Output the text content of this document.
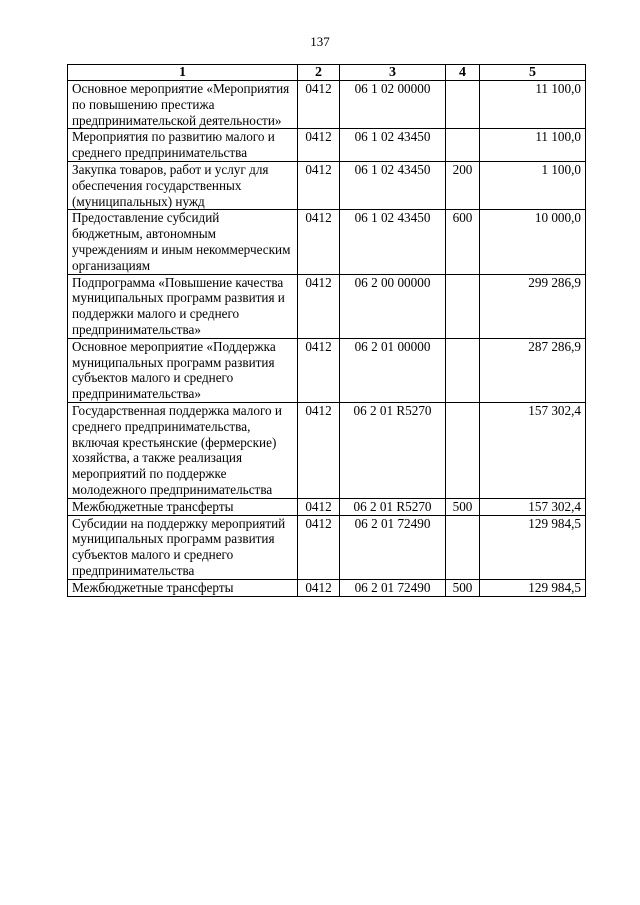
137
1	2	3	4	5
Основное мероприятие «Мероприятия по повышению престижа предпринимательской деятельности»	0412	06 1 02 00000		11 100,0
Мероприятия по развитию малого и среднего предпринимательства	0412	06 1 02 43450		11 100,0
Закупка товаров, работ и услуг для обеспечения государственных (муниципальных) нужд	0412	06 1 02 43450	200	1 100,0
Предоставление субсидий бюджетным, автономным учреждениям и иным некоммерческим организациям	0412	06 1 02 43450	600	10 000,0
Подпрограмма «Повышение качества муниципальных программ развития и поддержки малого и среднего предпринимательства»	0412	06 2 00 00000		299 286,9
Основное мероприятие «Поддержка муниципальных программ развития субъектов малого и среднего предпринимательства»	0412	06 2 01 00000		287 286,9
Государственная поддержка малого и среднего предпринимательства, включая крестьянские (фермерские) хозяйства, а также реализация мероприятий по поддержке молодежного предпринимательства	0412	06 2 01 R5270		157 302,4
Межбюджетные трансферты	0412	06 2 01 R5270	500	157 302,4
Субсидии на поддержку мероприятий муниципальных программ развития субъектов малого и среднего предпринимательства	0412	06 2 01 72490		129 984,5
Межбюджетные трансферты	0412	06 2 01 72490	500	129 984,5
